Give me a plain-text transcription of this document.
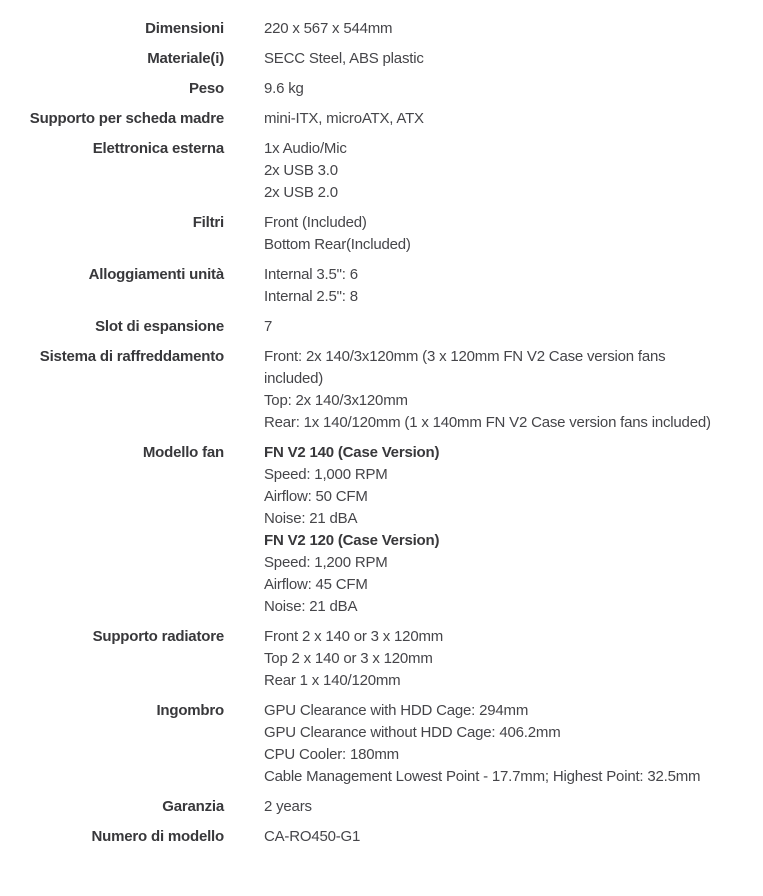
Dimensioni	220 x 567 x 544mm
Materiale(i)	SECC Steel, ABS plastic
Peso	9.6 kg
Supporto per scheda madre	mini-ITX, microATX, ATX
Elettronica esterna	1x Audio/Mic
2x USB 3.0
2x USB 2.0
Filtri	Front (Included)
Bottom Rear(Included)
Alloggiamenti unità	Internal 3.5": 6
Internal 2.5": 8
Slot di espansione	7
Sistema di raffreddamento	Front: 2x 140/3x120mm (3 x 120mm FN V2 Case version fans included)
Top: 2x 140/3x120mm
Rear: 1x 140/120mm (1 x 140mm FN V2 Case version fans included)
Modello fan	FN V2 140 (Case Version)
Speed: 1,000 RPM
Airflow: 50 CFM
Noise: 21 dBA
FN V2 120 (Case Version)
Speed: 1,200 RPM
Airflow: 45 CFM
Noise: 21 dBA
Supporto radiatore	Front 2 x 140 or 3 x 120mm
Top 2 x 140 or 3 x 120mm
Rear 1 x 140/120mm
Ingombro	GPU Clearance with HDD Cage: 294mm
GPU Clearance without HDD Cage: 406.2mm
CPU Cooler: 180mm
Cable Management Lowest Point - 17.7mm; Highest Point: 32.5mm
Garanzia	2 years
Numero di modello	CA-RO450-G1
